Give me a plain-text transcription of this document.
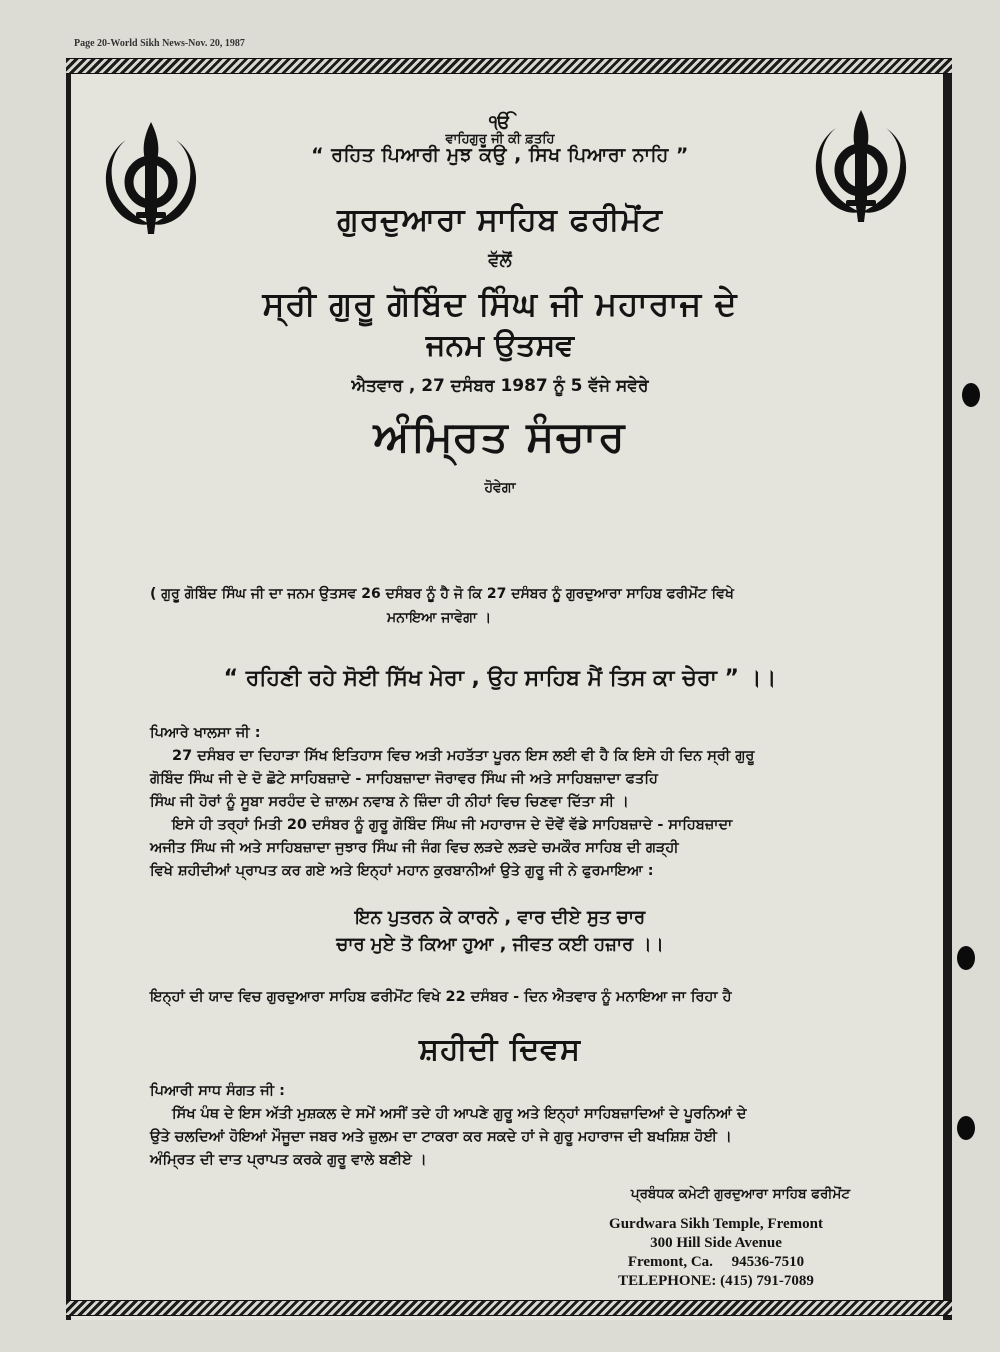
Page 20-World Sikh News-Nov. 20, 1987
ੴ
ਵਾਹਿਗੁਰੂ ਜੀ ਕੀ ਫ਼ਤਹਿ
“ ਰਹਿਤ ਪਿਆਰੀ ਮੁਝ ਕਉ , ਸਿਖ ਪਿਆਰਾ ਨਾਹਿ ”
ਗੁਰਦੁਆਰਾ ਸਾਹਿਬ ਫਰੀਮੋਂਟ
ਵੱਲੋਂ
ਸ੍ਰੀ ਗੁਰੂ ਗੋਬਿੰਦ ਸਿੰਘ ਜੀ ਮਹਾਰਾਜ ਦੇ
ਜਨਮ ਉਤਸਵ
ਐਤਵਾਰ , 27 ਦਸੰਬਰ 1987 ਨੂੰ 5 ਵੱਜੇ ਸਵੇਰੇ
ਅੰਮ੍ਰਿਤ ਸੰਚਾਰ
ਹੋਵੇਗਾ
( ਗੁਰੂ ਗੋਬਿੰਦ ਸਿੰਘ ਜੀ ਦਾ ਜਨਮ ਉਤਸਵ 26 ਦਸੰਬਰ ਨੂੰ ਹੈ ਜੋ ਕਿ 27 ਦਸੰਬਰ ਨੂੰ ਗੁਰਦੁਆਰਾ ਸਾਹਿਬ ਫਰੀਮੋਂਟ ਵਿਖੇ
ਮਨਾਇਆ ਜਾਵੇਗਾ ।
“ ਰਹਿਣੀ ਰਹੇ ਸੋਈ ਸਿੱਖ ਮੇਰਾ , ਉਹ ਸਾਹਿਬ ਮੈਂ ਤਿਸ ਕਾ ਚੇਰਾ ” ।।
ਪਿਆਰੇ ਖਾਲਸਾ ਜੀ :
27 ਦਸੰਬਰ ਦਾ ਦਿਹਾੜਾ ਸਿੱਖ ਇਤਿਹਾਸ ਵਿਚ ਅਤੀ ਮਹਤੱਤਾ ਪੂਰਨ ਇਸ ਲਈ ਵੀ ਹੈ ਕਿ ਇਸੇ ਹੀ ਦਿਨ ਸ੍ਰੀ ਗੁਰੂ
ਗੋਬਿੰਦ ਸਿੰਘ ਜੀ ਦੇ ਦੋ ਛੋਟੇ ਸਾਹਿਬਜ਼ਾਦੇ - ਸਾਹਿਬਜ਼ਾਦਾ ਜੋਰਾਵਰ ਸਿੰਘ ਜੀ ਅਤੇ ਸਾਹਿਬਜ਼ਾਦਾ ਫਤਹਿ
ਸਿੰਘ ਜੀ ਹੋਰਾਂ ਨੂੰ ਸੂਬਾ ਸਰਹੰਦ ਦੇ ਜ਼ਾਲਮ ਨਵਾਬ ਨੇ ਜ਼ਿੰਦਾ ਹੀ ਨੀਹਾਂ ਵਿਚ ਚਿਣਵਾ ਦਿੱਤਾ ਸੀ ।
ਇਸੇ ਹੀ ਤਰ੍ਹਾਂ ਮਿਤੀ 20 ਦਸੰਬਰ ਨੂੰ ਗੁਰੂ ਗੋਬਿੰਦ ਸਿੰਘ ਜੀ ਮਹਾਰਾਜ ਦੇ ਦੋਵੇਂ ਵੱਡੇ ਸਾਹਿਬਜ਼ਾਦੇ - ਸਾਹਿਬਜ਼ਾਦਾ
ਅਜੀਤ ਸਿੰਘ ਜੀ ਅਤੇ ਸਾਹਿਬਜ਼ਾਦਾ ਜੁਝਾਰ ਸਿੰਘ ਜੀ ਜੰਗ ਵਿਚ ਲੜਦੇ ਲੜਦੇ ਚਮਕੌਰ ਸਾਹਿਬ ਦੀ ਗੜ੍ਹੀ
ਵਿਖੇ ਸ਼ਹੀਦੀਆਂ ਪ੍ਰਾਪਤ ਕਰ ਗਏ ਅਤੇ ਇਨ੍ਹਾਂ ਮਹਾਨ ਕੁਰਬਾਨੀਆਂ ਉਤੇ ਗੁਰੂ ਜੀ ਨੇ ਫੁਰਮਾਇਆ :
ਇਨ ਪੁਤਰਨ ਕੇ ਕਾਰਨੇ , ਵਾਰ ਦੀਏ ਸੁਤ ਚਾਰ
ਚਾਰ ਮੁਏ ਤੋ ਕਿਆ ਹੁਆ , ਜੀਵਤ ਕਈ ਹਜ਼ਾਰ ।।
ਇਨ੍ਹਾਂ ਦੀ ਯਾਦ ਵਿਚ ਗੁਰਦੁਆਰਾ ਸਾਹਿਬ ਫਰੀਮੋਂਟ ਵਿਖੇ 22 ਦਸੰਬਰ - ਦਿਨ ਐਤਵਾਰ ਨੂੰ ਮਨਾਇਆ ਜਾ ਰਿਹਾ ਹੈ
ਸ਼ਹੀਦੀ ਦਿਵਸ
ਪਿਆਰੀ ਸਾਧ ਸੰਗਤ ਜੀ :
ਸਿੱਖ ਪੰਥ ਦੇ ਇਸ ਅੱਤੀ ਮੁਸ਼ਕਲ ਦੇ ਸਮੇਂ ਅਸੀਂ ਤਦੇ ਹੀ ਆਪਣੇ ਗੁਰੂ ਅਤੇ ਇਨ੍ਹਾਂ ਸਾਹਿਬਜ਼ਾਦਿਆਂ ਦੇ ਪੂਰਨਿਆਂ ਦੇ
ਉਤੇ ਚਲਦਿਆਂ ਹੋਇਆਂ ਮੌਜੂਦਾ ਜਬਰ ਅਤੇ ਜ਼ੁਲਮ ਦਾ ਟਾਕਰਾ ਕਰ ਸਕਦੇ ਹਾਂ ਜੇ ਗੁਰੂ ਮਹਾਰਾਜ ਦੀ ਬਖਸ਼ਿਸ਼ ਹੋਈ ।
ਅੰਮ੍ਰਿਤ ਦੀ ਦਾਤ ਪ੍ਰਾਪਤ ਕਰਕੇ ਗੁਰੂ ਵਾਲੇ ਬਣੀਏ ।
ਪ੍ਰਬੰਧਕ ਕਮੇਟੀ ਗੁਰਦੁਆਰਾ ਸਾਹਿਬ ਫਰੀਮੋਂਟ
Gurdwara Sikh Temple, Fremont
300 Hill Side Avenue
Fremont, Ca.     94536-7510
TELEPHONE: (415) 791-7089
